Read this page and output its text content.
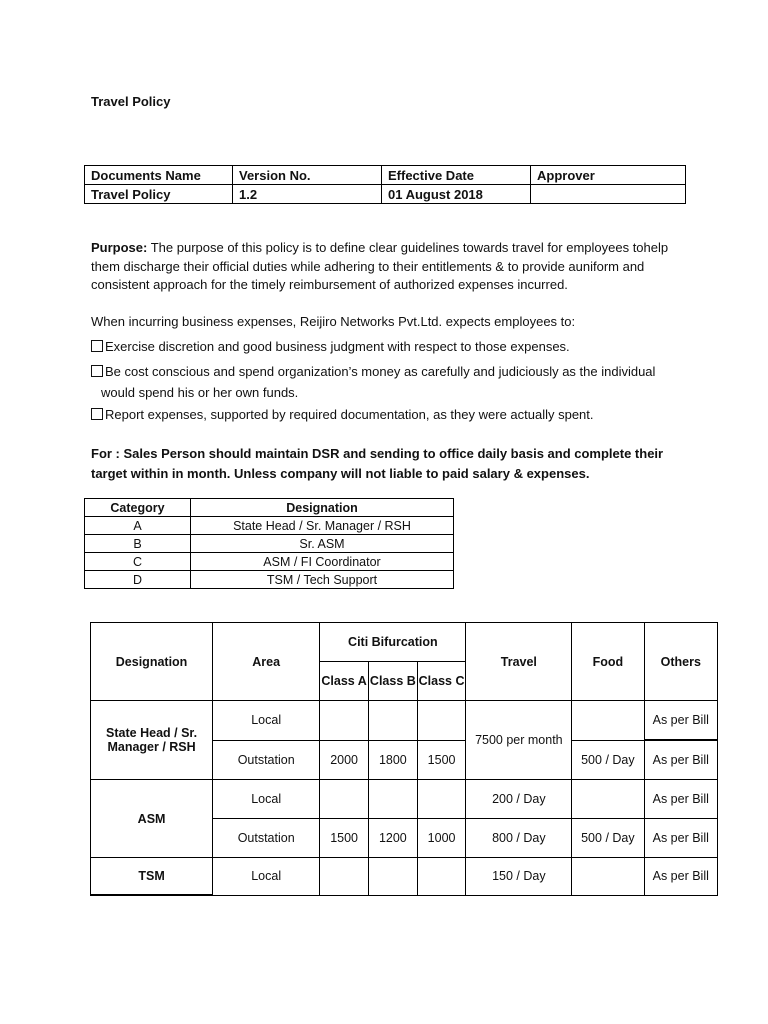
Travel Policy
Documents Name	Version No.	Effective Date	Approver
Travel Policy	1.2	01 August 2018	
Purpose: The purpose of this policy is to define clear guidelines towards travel for employees tohelp them discharge their official duties while adhering to their entitlements & to provide auniform and consistent approach for the timely reimbursement of authorized expenses incurred.
When incurring business expenses, Reijiro Networks Pvt.Ltd. expects employees to:
Exercise discretion and good business judgment with respect to those expenses.
Be cost conscious and spend organization’s money as carefully and judiciously as the individual
would spend his or her own funds.
Report expenses, supported by required documentation, as they were actually spent.
For : Sales Person should maintain DSR and sending to office daily basis and complete their target within in month. Unless company will not liable to paid salary & expenses.
Category	Designation
A	State Head / Sr. Manager / RSH
B	Sr. ASM
C	ASM / FI Coordinator
D	TSM / Tech Support
Designation	Area	Citi Bifurcation			Travel	Food	Others
		Class A	Class B	Class C			
State Head / Sr. Manager / RSH	Local				7500 per month		As per Bill
	Outstation	2000	1800	1500		500 / Day	As per Bill
ASM	Local				200 / Day		As per Bill
	Outstation	1500	1200	1000	800 / Day	500 / Day	As per Bill
TSM	Local				150 / Day		As per Bill
